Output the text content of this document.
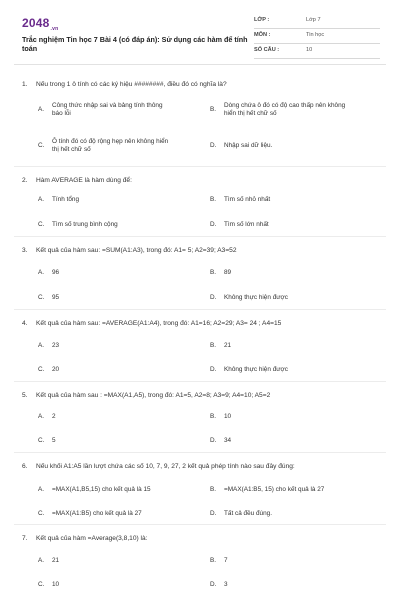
$2048_{.vn}$
Trắc nghiệm Tin học 7 Bài 4 (có đáp án): Sử dụng các hàm để tính toán
LỚP :	Lớp 7
MÔN :	Tin học
SỐ CÂU :	10
1. Nếu trong 1 ô tính có các ký hiệu ########, điều đó có nghĩa là?
A.
Công thức nhập sai và bảng tính thông
báo lỗi
B.
Dòng chứa ô đó có độ cao thấp nên không
hiển thị hết chữ số
C.
Ô tính đó có độ rộng hẹp nên không hiển
thị hết chữ số
D. Nhập sai dữ liệu.
2. Hàm AVERAGE là hàm dùng để:
A. Tính tổng	B. Tìm số nhỏ nhất
C. Tìm số trung bình cộng	D. Tìm số lớn nhất
3. Kết quả của hàm sau: =SUM(A1:A3), trong đó: A1= 5; A2=39; A3=52
A. 96	B. 89
C. 95	D. Không thực hiện được
4. Kết quả của hàm sau: =AVERAGE(A1:A4), trong đó: A1=16; A2=29; A3= 24 ; A4=15
A. 23	B. 21
C. 20	D. Không thực hiện được
5. Kết quả của hàm sau : =MAX(A1,A5), trong đó: A1=5, A2=8; A3=9; A4=10; A5=2
A. 2	B. 10
C. 5	D. 34
6. Nếu khối A1:A5 lần lượt chứa các số 10, 7, 9, 27, 2 kết quả phép tính nào sau đây đúng:
A. =MAX(A1,B5,15) cho kết quả là 15	B. =MAX(A1:B5, 15) cho kết quả là 27
C. =MAX(A1:B5) cho kết quả là 27	D. Tất cả đều đúng.
7. Kết quả của hàm =Average(3,8,10) là:
A. 21	B. 7
C. 10	D. 3
